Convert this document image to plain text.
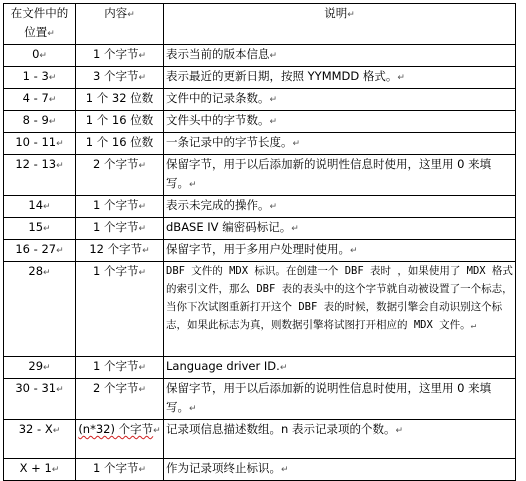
在文件中的位置↵	内容↵	说明↵
0↵	1 个字节↵	表示当前的版本信息↵
1 - 3↵	3 个字节↵	表示最近的更新日期，按照 YYMMDD 格式。↵
4 - 7↵	1 个 32 位数	文件中的记录条数。↵
8 - 9↵	1 个 16 位数	文件头中的字节数。↵
10 - 11↵	1 个 16 位数	一条记录中的字节长度。↵
12 - 13↵	2 个字节↵	保留字节，用于以后添加新的说明性信息时使用，这里用 0 来填写。↵
14↵	1 个字节↵	表示未完成的操作。↵
15↵	1 个字节↵	dBASE IV 编密码标记。↵
16 - 27↵	12 个字节↵	保留字节，用于多用户处理时使用。↵
28↵	1 个字节↵	DBF 文件的 MDX 标识。在创建一个 DBF 表时 ，如果使用了 MDX 格式的索引文件，那么 DBF 表的表头中的这个字节就自动被设置了一个标志，当你下次试图重新打开这个 DBF 表的时候，数据引擎会自动识别这个标志，如果此标志为真，则数据引擎将试图打开相应的 MDX 文件。↵
29↵	1 个字节↵	Language driver ID.↵
30 - 31↵	2 个字节↵	保留字节，用于以后添加新的说明性信息时使用，这里用 0 来填写。↵
32 - X↵	(n*32) 个字节↵	记录项信息描述数组。n 表示记录项的个数。↵
X + 1↵	1 个字节↵	作为记录项终止标识。↵
